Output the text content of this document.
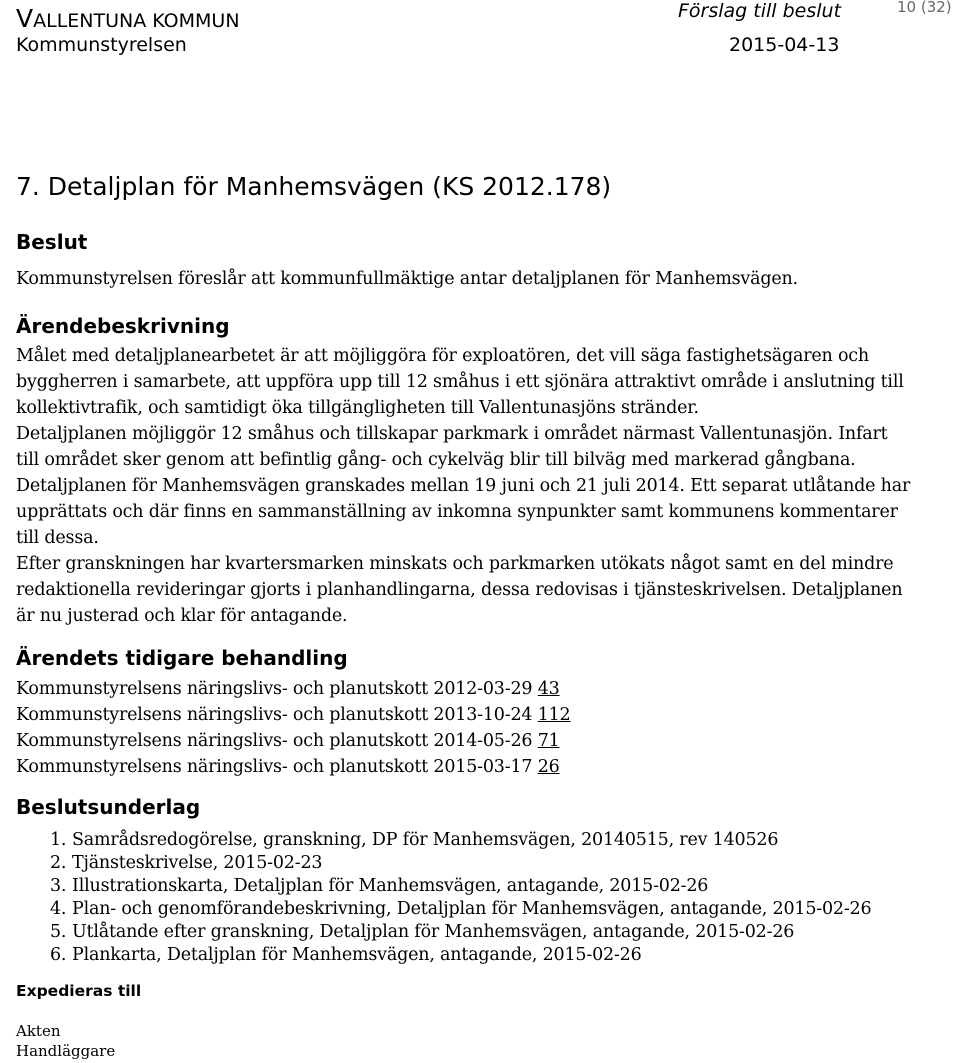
VALLENTUNA KOMMUN
Kommunstyrelsen
Förslag till beslut
2015-04-13
10 (32)
7. Detaljplan för Manhemsvägen (KS 2012.178)
Beslut
Kommunstyrelsen föreslår att kommunfullmäktige antar detaljplanen för Manhemsvägen.
Ärendebeskrivning
Målet med detaljplanearbetet är att möjliggöra för exploatören, det vill säga fastighetsägaren och
byggherren i samarbete, att uppföra upp till 12 småhus i ett sjönära attraktivt område i anslutning till
kollektivtrafik, och samtidigt öka tillgängligheten till Vallentunasjöns stränder.
Detaljplanen möjliggör 12 småhus och tillskapar parkmark i området närmast Vallentunasjön. Infart
till området sker genom att befintlig gång- och cykelväg blir till bilväg med markerad gångbana.
Detaljplanen för Manhemsvägen granskades mellan 19 juni och 21 juli 2014. Ett separat utlåtande har
upprättats och där finns en sammanställning av inkomna synpunkter samt kommunens kommentarer
till dessa.
Efter granskningen har kvartersmarken minskats och parkmarken utökats något samt en del mindre
redaktionella revideringar gjorts i planhandlingarna, dessa redovisas i tjänsteskrivelsen. Detaljplanen
är nu justerad och klar för antagande.
Ärendets tidigare behandling
Kommunstyrelsens näringslivs- och planutskott 2012-03-29 43
Kommunstyrelsens näringslivs- och planutskott 2013-10-24 112
Kommunstyrelsens näringslivs- och planutskott 2014-05-26 71
Kommunstyrelsens näringslivs- och planutskott 2015-03-17 26
Beslutsunderlag
1. Samrådsredogörelse, granskning, DP för Manhemsvägen, 20140515, rev 140526
2. Tjänsteskrivelse, 2015-02-23
3. Illustrationskarta, Detaljplan för Manhemsvägen, antagande, 2015-02-26
4. Plan- och genomförandebeskrivning, Detaljplan för Manhemsvägen, antagande, 2015-02-26
5. Utlåtande efter granskning, Detaljplan för Manhemsvägen, antagande, 2015-02-26
6. Plankarta, Detaljplan för Manhemsvägen, antagande, 2015-02-26
Expedieras till
Akten
Handläggare
